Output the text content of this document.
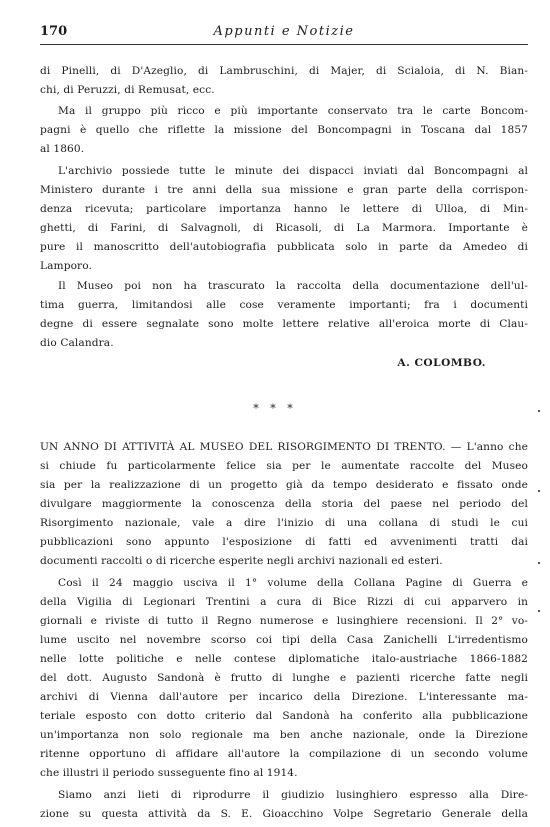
170	Appunti e Notizie
di Pinelli, di D'Azeglio, di Lambruschini, di Majer, di Scialoia, di N. Bian-
chi, di Peruzzi, di Remusat, ecc.
Ma il gruppo più ricco e più importante conservato tra le carte Boncom-
pagni è quello che riflette la missione del Boncompagni in Toscana dal 1857
al 1860.
L'archivio possiede tutte le minute dei dispacci inviati dal Boncompagni al
Ministero durante i tre anni della sua missione e gran parte della corrispon-
denza ricevuta; particolare importanza hanno le lettere di Ulloa, di Min-
ghetti, di Farini, di Salvagnoli, di Ricasoli, di La Marmora. Importante è
pure il manoscritto dell'autobiografia pubblicata solo in parte da Amedeo di
Lamporo.
Il Museo poi non ha trascurato la raccolta della documentazione dell'ul-
tima guerra, limitandosi alle cose veramente importanti; fra i documenti
degne di essere segnalate sono molte lettere relative all'eroica morte di Clau-
dio Calandra.
A. COLOMBO.
* * *
UN ANNO DI ATTIVITÀ AL MUSEO DEL RISORGIMENTO DI TRENTO. — L'anno che
si chiude fu particolarmente felice sia per le aumentate raccolte del Museo
sia per la realizzazione di un progetto già da tempo desiderato e fissato onde
divulgare maggiormente la conoscenza della storia del paese nel periodo del
Risorgimento nazionale, vale a dire l'inizio di una collana di studi le cui
pubblicazioni sono appunto l'esposizione di fatti ed avvenimenti tratti dai
documenti raccolti o di ricerche esperite negli archivi nazionali ed esteri.
Così il 24 maggio usciva il 1° volume della Collana Pagine di Guerra e
della Vigilia di Legionari Trentini a cura di Bice Rizzi di cui apparvero in
giornali e riviste di tutto il Regno numerose e lusinghiere recensioni. Il 2° vo-
lume uscito nel novembre scorso coi tipi della Casa Zanichelli L'irredentismo
nelle lotte politiche e nelle contese diplomatiche italo-austriache 1866-1882
del dott. Augusto Sandonà è frutto di lunghe e pazienti ricerche fatte negli
archivi di Vienna dall'autore per incarico della Direzione. L'interessante ma-
teriale esposto con dotto criterio dal Sandonà ha conferito alla pubblicazione
un'importanza non solo regionale ma ben anche nazionale, onde la Direzione
ritenne opportuno di affidare all'autore la compilazione di un secondo volume
che illustri il periodo susseguente fino al 1914.
Siamo anzi lieti di riprodurre il giudizio lusinghiero espresso alla Dire-
zione su questa attività da S. E. Gioacchino Volpe Segretario Generale della
